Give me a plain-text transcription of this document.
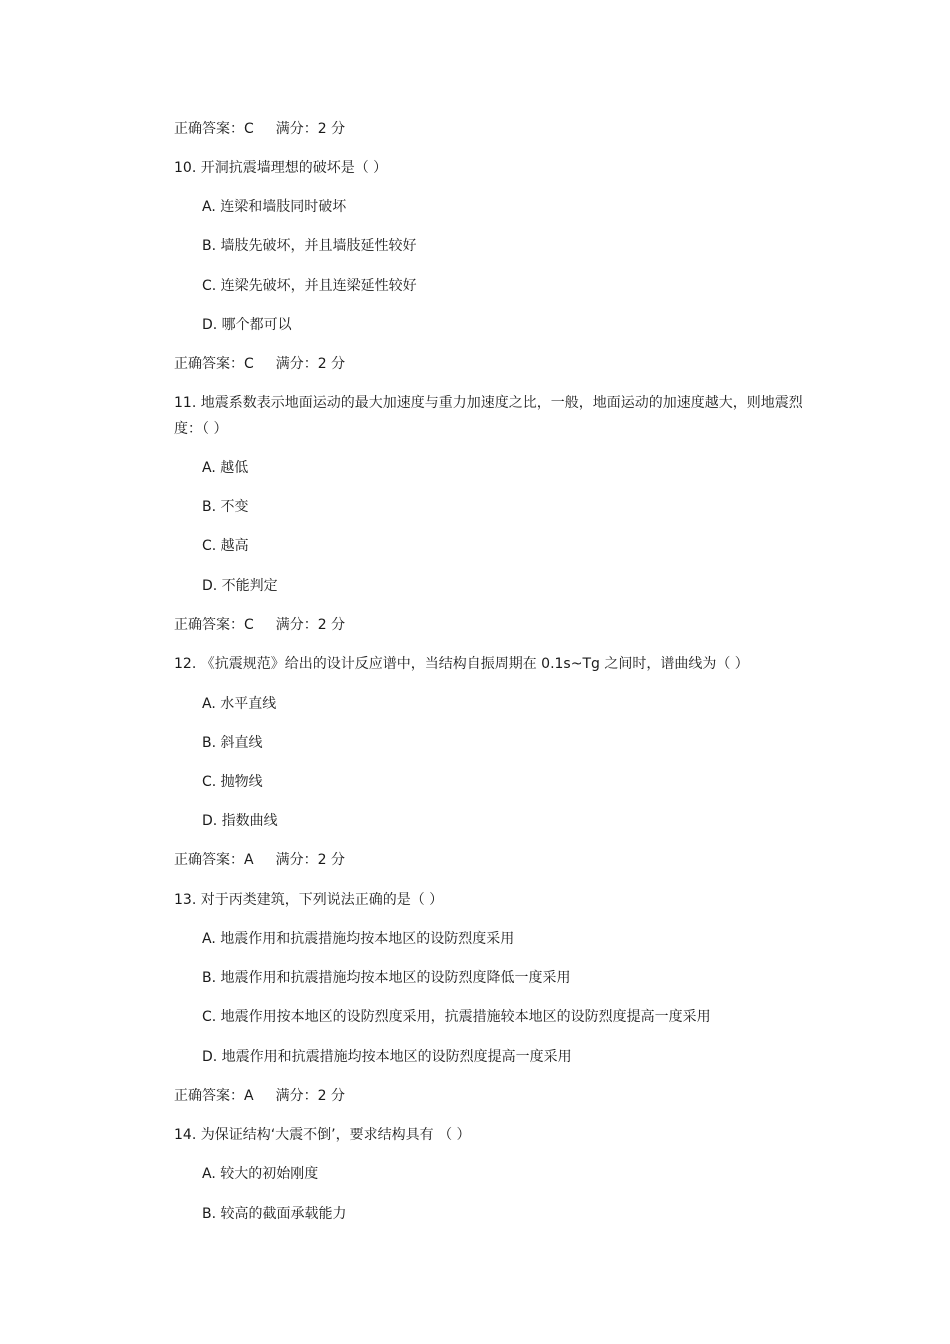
正确答案：C 满分：2 分
10. 开洞抗震墙理想的破坏是（ ）
A. 连梁和墙肢同时破坏
B. 墙肢先破坏，并且墙肢延性较好
C. 连梁先破坏，并且连梁延性较好
D. 哪个都可以
正确答案：C 满分：2 分
11. 地震系数表示地面运动的最大加速度与重力加速度之比，一般，地面运动的加速度越大，则地震烈度：（ ）
A. 越低
B. 不变
C. 越高
D. 不能判定
正确答案：C 满分：2 分
12. 《抗震规范》给出的设计反应谱中，当结构自振周期在 0.1s~Tg 之间时，谱曲线为（ ）
A. 水平直线
B. 斜直线
C. 抛物线
D. 指数曲线
正确答案：A 满分：2 分
13. 对于丙类建筑，下列说法正确的是（ ）
A. 地震作用和抗震措施均按本地区的设防烈度采用
B. 地震作用和抗震措施均按本地区的设防烈度降低一度采用
C. 地震作用按本地区的设防烈度采用，抗震措施较本地区的设防烈度提高一度采用
D. 地震作用和抗震措施均按本地区的设防烈度提高一度采用
正确答案：A 满分：2 分
14. 为保证结构‘大震不倒’，要求结构具有 （ ）
A. 较大的初始刚度
B. 较高的截面承载能力
